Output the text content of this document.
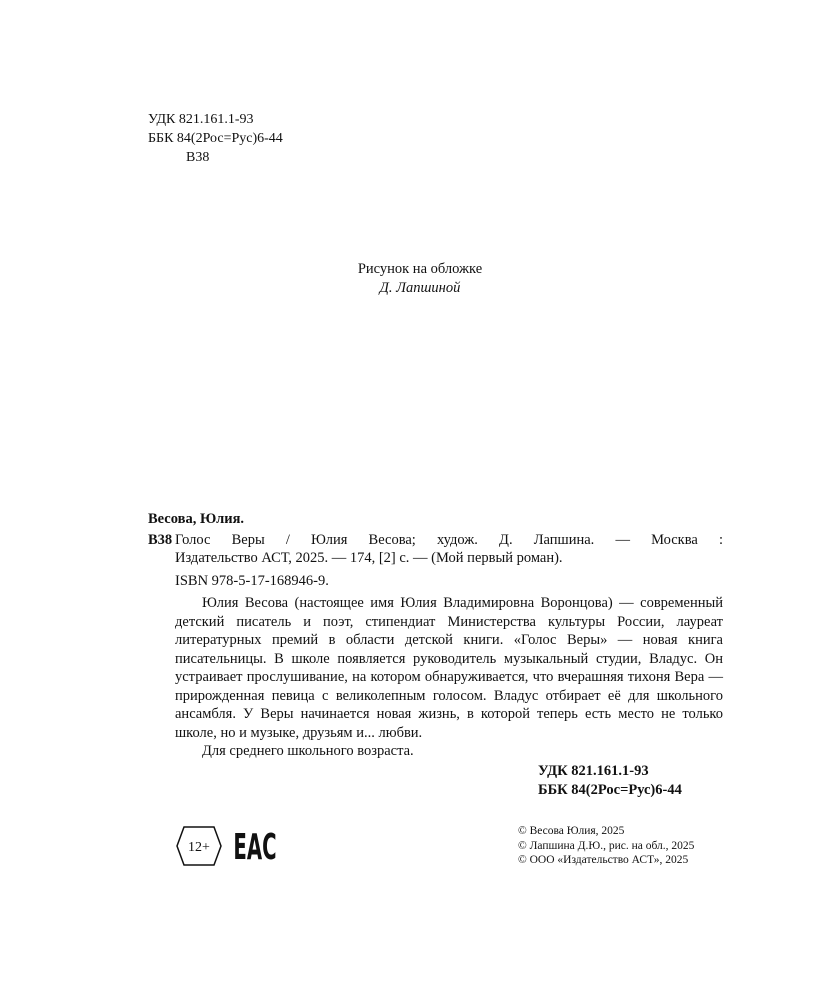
УДК 821.161.1-93
ББК 84(2Рос=Рус)6-44
В38
Рисунок на обложке
Д. Лапшиной
Весова, Юлия.
В38 Голос Веры / Юлия Весова; худож. Д. Лапшина. — Москва :
Издательство АСТ, 2025. — 174, [2] с. — (Мой первый роман).
ISBN 978-5-17-168946-9.
Юлия Весова (настоящее имя Юлия Владимировна Воронцова) — современный детский писатель и поэт, стипендиат Министерства культуры России, лауреат литературных премий в области детской книги. «Голос Веры» — новая книга писательницы. В школе появляется руководитель музыкальный студии, Владус. Он устраивает прослушивание, на котором обнаруживается, что вчерашняя тихоня Вера — прирожденная певица с великолепным голосом. Владус отбирает её для школьного ансамбля. У Веры начинается новая жизнь, в которой теперь есть место не только школе, но и музыке, друзьям и... любви.
Для среднего школьного возраста.
УДК 821.161.1-93
ББК 84(2Рос=Рус)6-44
12+ ЕАС	© Весова Юлия, 2025
© Лапшина Д.Ю., рис. на обл., 2025
© ООО «Издательство АСТ», 2025
